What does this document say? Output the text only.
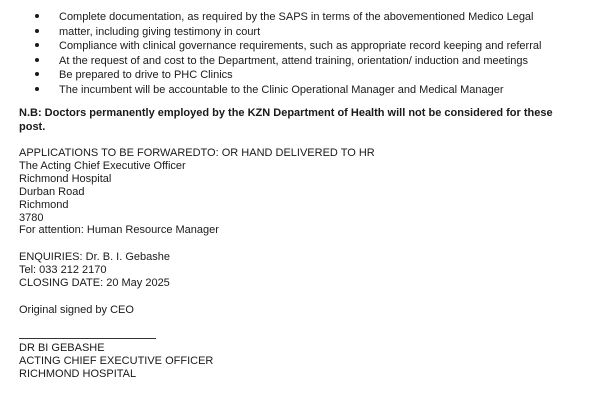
Complete documentation, as required by the SAPS in terms of the abovementioned Medico Legal
matter, including giving testimony in court
Compliance with clinical governance requirements, such as appropriate record keeping and referral
At the request of and cost to the Department, attend training, orientation/ induction and meetings
Be prepared to drive to PHC Clinics
The incumbent will be accountable to the Clinic Operational Manager and Medical Manager
N.B: Doctors permanently employed by the KZN Department of Health will not be considered for these post.
APPLICATIONS TO BE FORWAREDTO: OR HAND DELIVERED TO HR
The Acting Chief Executive Officer
Richmond Hospital
Durban Road
Richmond
3780
For attention: Human Resource Manager
ENQUIRIES: Dr. B. I. Gebashe
Tel: 033 212 2170
CLOSING DATE: 20 May 2025
Original signed by CEO
DR BI GEBASHE
ACTING CHIEF EXECUTIVE OFFICER
RICHMOND HOSPITAL
